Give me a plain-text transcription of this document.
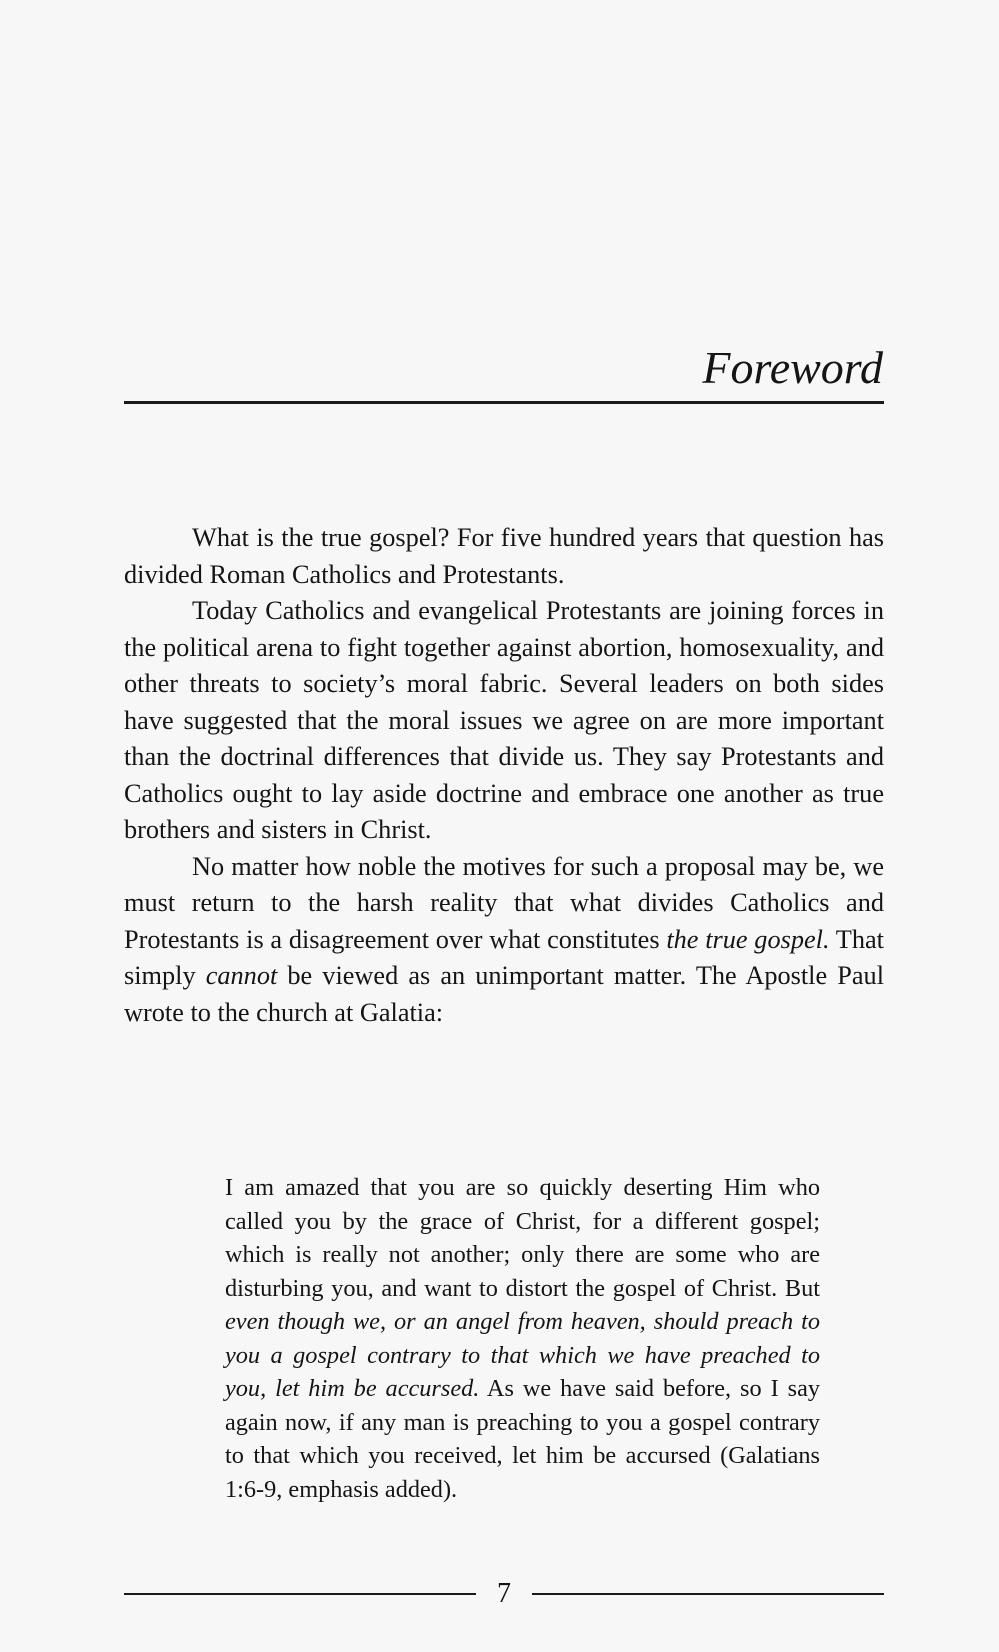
Foreword

What is the true gospel? For five hundred years that question has divided Roman Catholics and Protestants.

Today Catholics and evangelical Protestants are joining forces in the political arena to fight together against abortion, homosexuality, and other threats to society’s moral fabric. Several leaders on both sides have suggested that the moral issues we agree on are more important than the doctrinal differences that divide us. They say Protestants and Catholics ought to lay aside doctrine and embrace one another as true brothers and sisters in Christ.

No matter how noble the motives for such a proposal may be, we must return to the harsh reality that what divides Catholics and Protestants is a disagreement over what constitutes the true gospel. That simply cannot be viewed as an unimportant matter. The Apostle Paul wrote to the church at Galatia:

I am amazed that you are so quickly deserting Him who called you by the grace of Christ, for a different gospel; which is really not another; only there are some who are disturbing you, and want to distort the gospel of Christ. But even though we, or an angel from heaven, should preach to you a gospel contrary to that which we have preached to you, let him be accursed. As we have said before, so I say again now, if any man is preaching to you a gospel contrary to that which you received, let him be accursed (Galatians 1:6-9, emphasis added).

7
